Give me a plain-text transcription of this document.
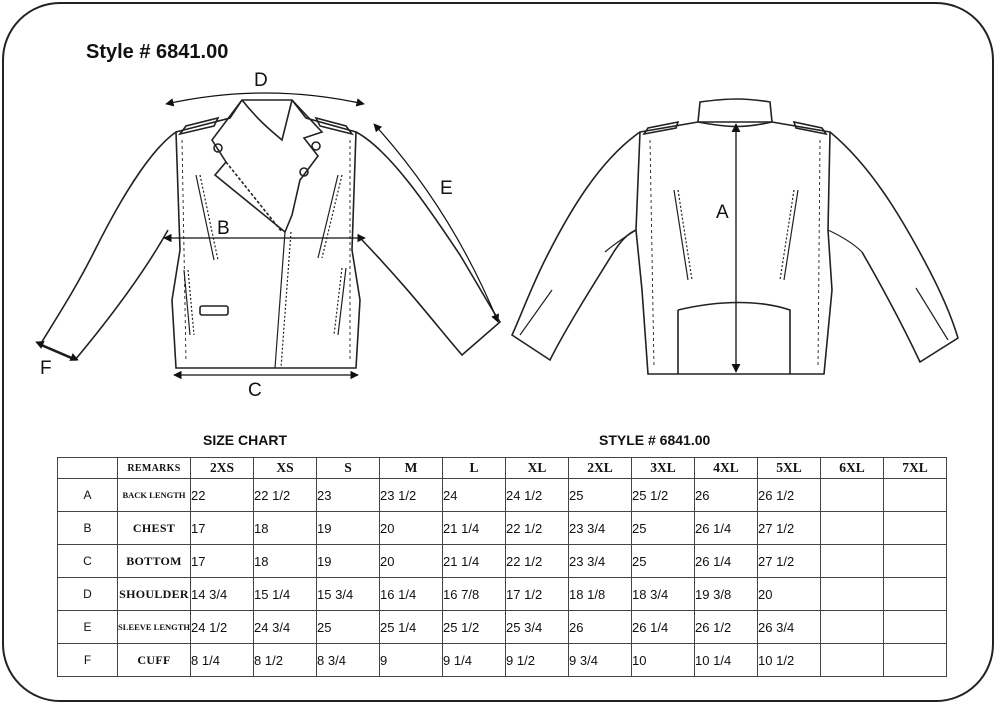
Style # 6841.00
D
B
C
E
F
A
SIZE CHART	STYLE # 6841.00
	REMARKS	2XS	XS	S	M	L	XL	2XL	3XL	4XL	5XL	6XL	7XL
A	BACK LENGTH	22	22 1/2	23	23 1/2	24	24 1/2	25	25 1/2	26	26 1/2		
B	CHEST	17	18	19	20	21 1/4	22 1/2	23 3/4	25	26 1/4	27 1/2		
C	BOTTOM	17	18	19	20	21 1/4	22 1/2	23 3/4	25	26 1/4	27 1/2		
D	SHOULDER	14 3/4	15 1/4	15 3/4	16 1/4	16 7/8	17 1/2	18 1/8	18 3/4	19 3/8	20		
E	SLEEVE LENGTH	24 1/2	24 3/4	25	25 1/4	25 1/2	25 3/4	26	26 1/4	26 1/2	26 3/4		
F	CUFF	8 1/4	8 1/2	8 3/4	9	9 1/4	9 1/2	9 3/4	10	10 1/4	10 1/2		
